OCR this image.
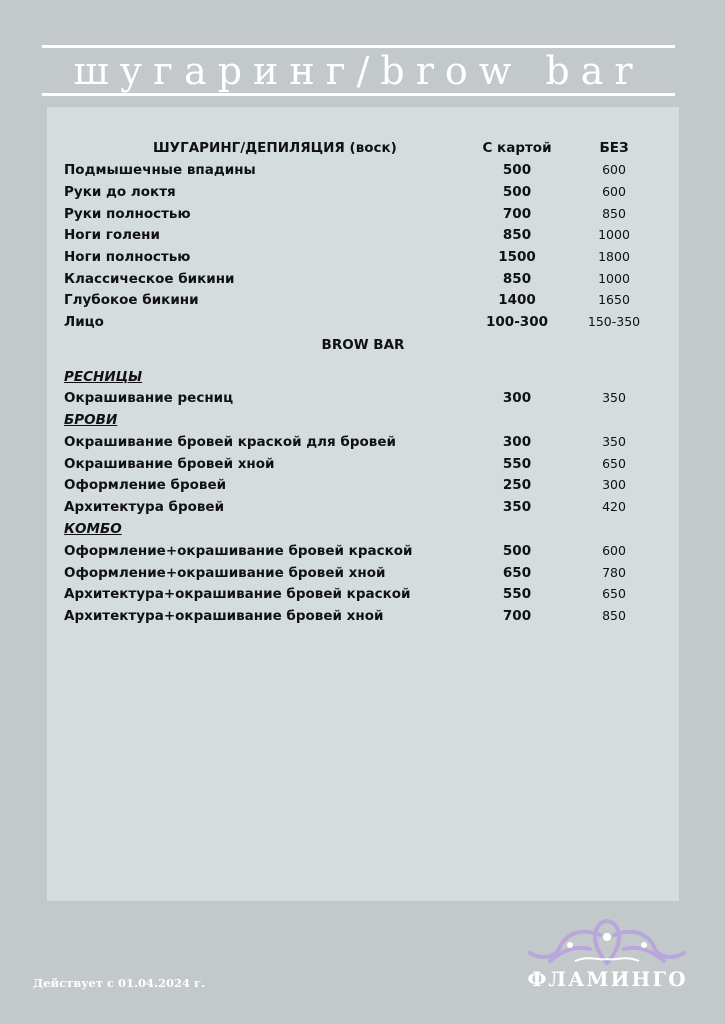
шугаринг/brow bar
ШУГАРИНГ/ДЕПИЛЯЦИЯ (воск)	С картой	БЕЗ
Подмышечные впадины	500	600
Руки до локтя	500	600
Руки полностью	700	850
Ноги голени	850	1000
Ноги полностью	1500	1800
Классическое бикини	850	1000
Глубокое бикини	1400	1650
Лицо	100-300	150-350
BROW BAR
РЕСНИЦЫ
Окрашивание ресниц	300	350
БРОВИ
Окрашивание бровей краской для бровей	300	350
Окрашивание бровей хной	550	650
Оформление бровей	250	300
Архитектура бровей	350	420
КОМБО
Оформление+окрашивание бровей краской	500	600
Оформление+окрашивание бровей хной	650	780
Архитектура+окрашивание бровей краской	550	650
Архитектура+окрашивание бровей хной	700	850
Действует с 01.04.2024 г.	ФЛАМИНГО
